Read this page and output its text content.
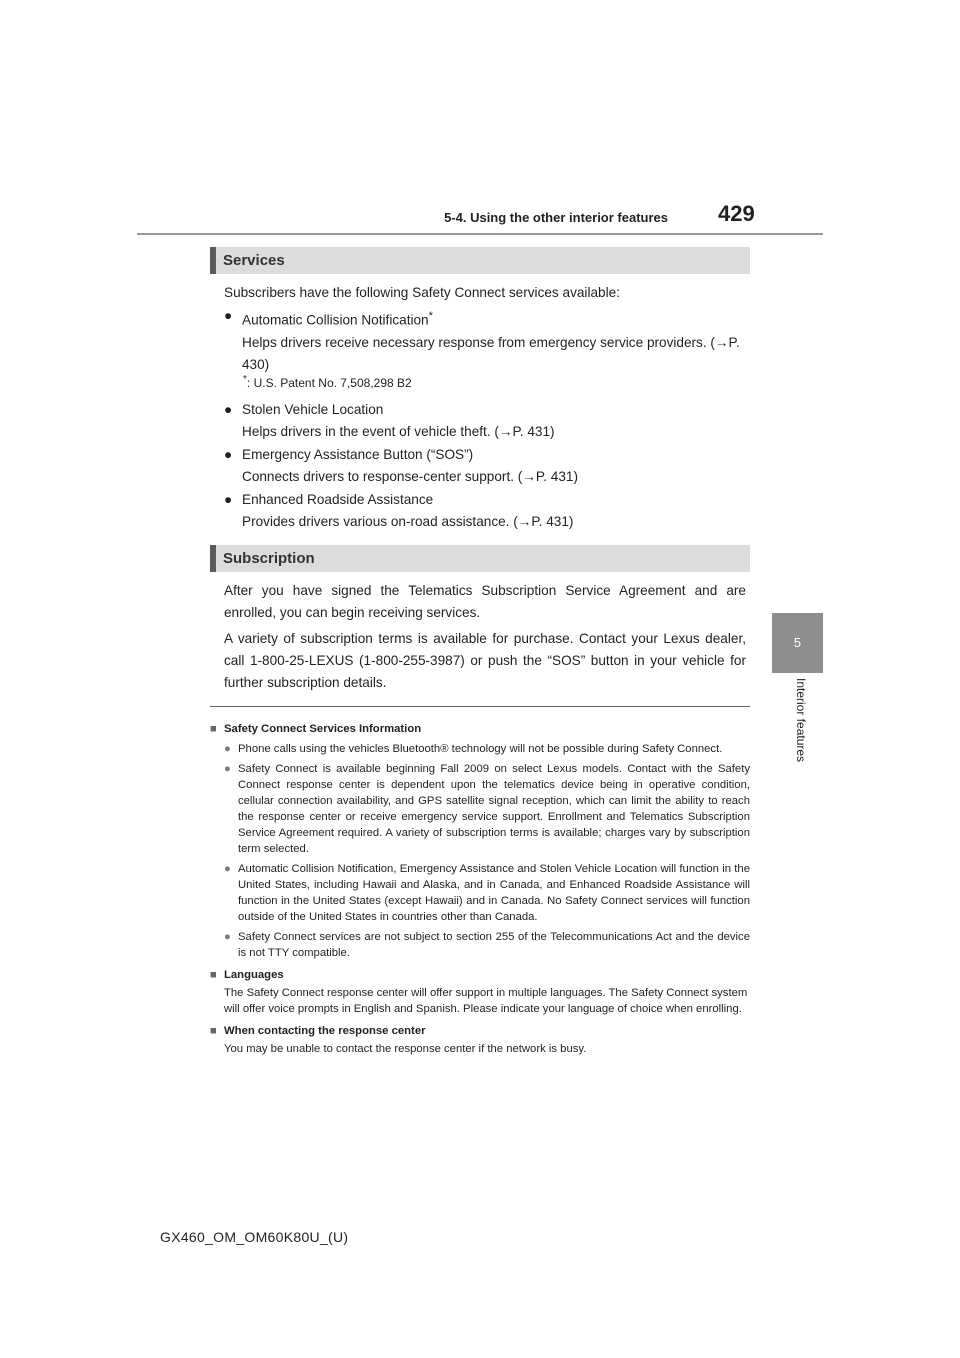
5-4. Using the other interior features 429
5
Interior features
Services
Subscribers have the following Safety Connect services available:
● Automatic Collision Notification*
Helps drivers receive necessary response from emergency service providers. (→P. 430)
*: U.S. Patent No. 7,508,298 B2
● Stolen Vehicle Location
Helps drivers in the event of vehicle theft. (→P. 431)
● Emergency Assistance Button (“SOS”)
Connects drivers to response-center support. (→P. 431)
● Enhanced Roadside Assistance
Provides drivers various on-road assistance. (→P. 431)
Subscription
After you have signed the Telematics Subscription Service Agreement and are enrolled, you can begin receiving services.
A variety of subscription terms is available for purchase. Contact your Lexus dealer, call 1-800-25-LEXUS (1-800-255-3987) or push the “SOS” button in your vehicle for further subscription details.
■ Safety Connect Services Information
● Phone calls using the vehicles Bluetooth® technology will not be possible during Safety Connect.
● Safety Connect is available beginning Fall 2009 on select Lexus models. Contact with the Safety Connect response center is dependent upon the telematics device being in operative condition, cellular connection availability, and GPS satellite signal reception, which can limit the ability to reach the response center or receive emergency service support. Enrollment and Telematics Subscription Service Agreement required. A variety of subscription terms is available; charges vary by subscription term selected.
● Automatic Collision Notification, Emergency Assistance and Stolen Vehicle Location will function in the United States, including Hawaii and Alaska, and in Canada, and Enhanced Roadside Assistance will function in the United States (except Hawaii) and in Canada. No Safety Connect services will function outside of the United States in countries other than Canada.
● Safety Connect services are not subject to section 255 of the Telecommunications Act and the device is not TTY compatible.
■ Languages
The Safety Connect response center will offer support in multiple languages. The Safety Connect system will offer voice prompts in English and Spanish. Please indicate your language of choice when enrolling.
■ When contacting the response center
You may be unable to contact the response center if the network is busy.
GX460_OM_OM60K80U_(U)
